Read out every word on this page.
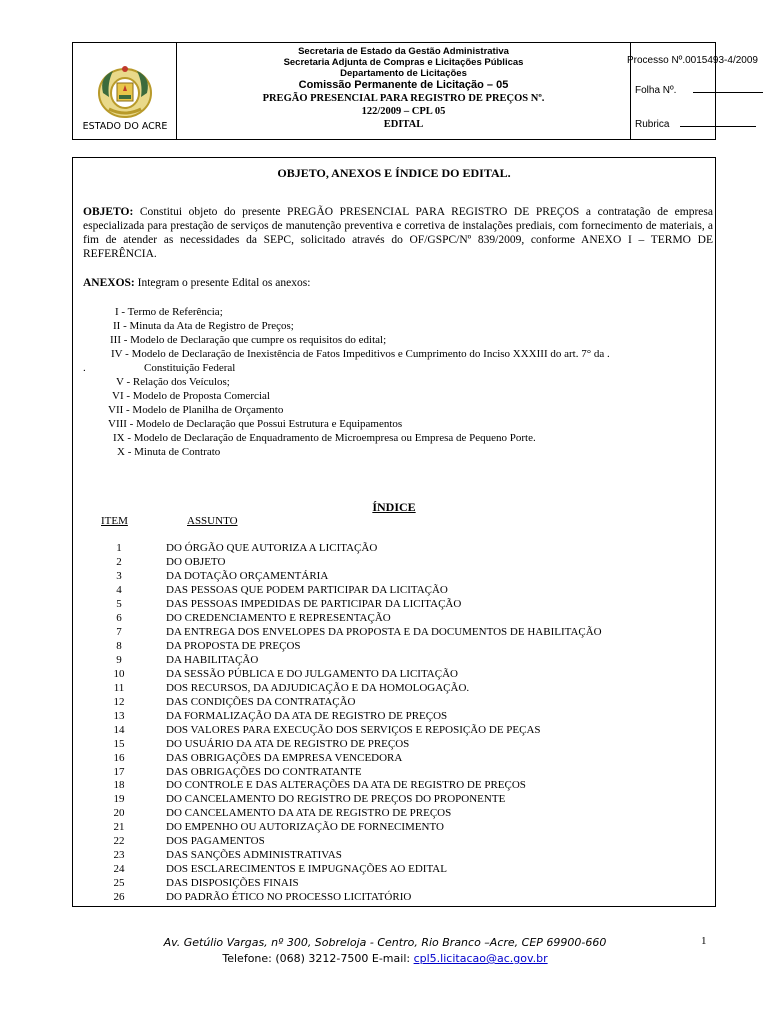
ESTADO DO ACRE
Secretaria de Estado da Gestão Administrativa
Secretaria Adjunta de Compras e Licitações Públicas
Departamento de Licitações
Comissão Permanente de Licitação – 05
PREGÃO PRESENCIAL PARA REGISTRO DE PREÇOS Nº.
122/2009 – CPL 05
EDITAL
Processo Nº.0015493-4/2009
Folha Nº.
Rubrica
OBJETO, ANEXOS E ÍNDICE DO EDITAL.
OBJETO: Constitui objeto do presente PREGÃO PRESENCIAL PARA REGISTRO DE PREÇOS a contratação de empresa especializada para prestação de serviços de manutenção preventiva e corretiva de instalações prediais, com fornecimento de materiais, a fim de atender as necessidades da SEPC, solicitado através do OF/GSPC/Nº 839/2009, conforme ANEXO I – TERMO DE REFERÊNCIA.
ANEXOS: Integram o presente Edital os anexos:
I - Termo de Referência;
II - Minuta da Ata de Registro de Preços;
III - Modelo de Declaração que cumpre os requisitos do edital;
IV - Modelo de Declaração de Inexistência de Fatos Impeditivos e Cumprimento do Inciso XXXIII do art. 7° da .
.	Constituição Federal
V - Relação dos Veículos;
VI - Modelo de Proposta Comercial
VII - Modelo de Planilha de Orçamento
VIII - Modelo de Declaração que Possui Estrutura e Equipamentos
IX - Modelo de Declaração de Enquadramento de Microempresa ou Empresa de Pequeno Porte.
X - Minuta de Contrato
ÍNDICE
ITEM	ASSUNTO
1	DO ÓRGÃO QUE AUTORIZA A LICITAÇÃO
2	DO OBJETO
3	DA DOTAÇÃO ORÇAMENTÁRIA
4	DAS PESSOAS QUE PODEM PARTICIPAR DA LICITAÇÃO
5	DAS PESSOAS IMPEDIDAS DE PARTICIPAR DA LICITAÇÃO
6	DO CREDENCIAMENTO E REPRESENTAÇÃO
7	DA ENTREGA DOS ENVELOPES DA PROPOSTA E DA DOCUMENTOS DE HABILITAÇÃO
8	DA PROPOSTA DE PREÇOS
9	DA HABILITAÇÃO
10	DA SESSÃO PÚBLICA E DO JULGAMENTO DA LICITAÇÃO
11	DOS RECURSOS, DA ADJUDICAÇÃO E DA HOMOLOGAÇÃO.
12	DAS CONDIÇÕES DA CONTRATAÇÃO
13	DA FORMALIZAÇÃO DA ATA DE REGISTRO DE PREÇOS
14	DOS VALORES PARA EXECUÇÃO DOS SERVIÇOS E REPOSIÇÃO DE PEÇAS
15	DO USUÁRIO DA ATA DE REGISTRO DE PREÇOS
16	DAS OBRIGAÇÕES DA EMPRESA VENCEDORA
17	DAS OBRIGAÇÕES DO CONTRATANTE
18	DO CONTROLE E DAS ALTERAÇÕES DA ATA DE REGISTRO DE PREÇOS
19	DO CANCELAMENTO DO REGISTRO DE PREÇOS DO PROPONENTE
20	DO CANCELAMENTO DA ATA DE REGISTRO DE PREÇOS
21	DO EMPENHO OU AUTORIZAÇÃO DE FORNECIMENTO
22	DOS PAGAMENTOS
23	DAS SANÇÕES ADMINISTRATIVAS
24	DOS ESCLARECIMENTOS E IMPUGNAÇÕES AO EDITAL
25	DAS DISPOSIÇÕES FINAIS
26	DO PADRÃO ÉTICO NO PROCESSO LICITATÓRIO
Av. Getúlio Vargas, nº 300, Sobreloja - Centro, Rio Branco –Acre, CEP 69900-660
Telefone: (068) 3212-7500 E-mail: cpl5.licitacao@ac.gov.br
1
